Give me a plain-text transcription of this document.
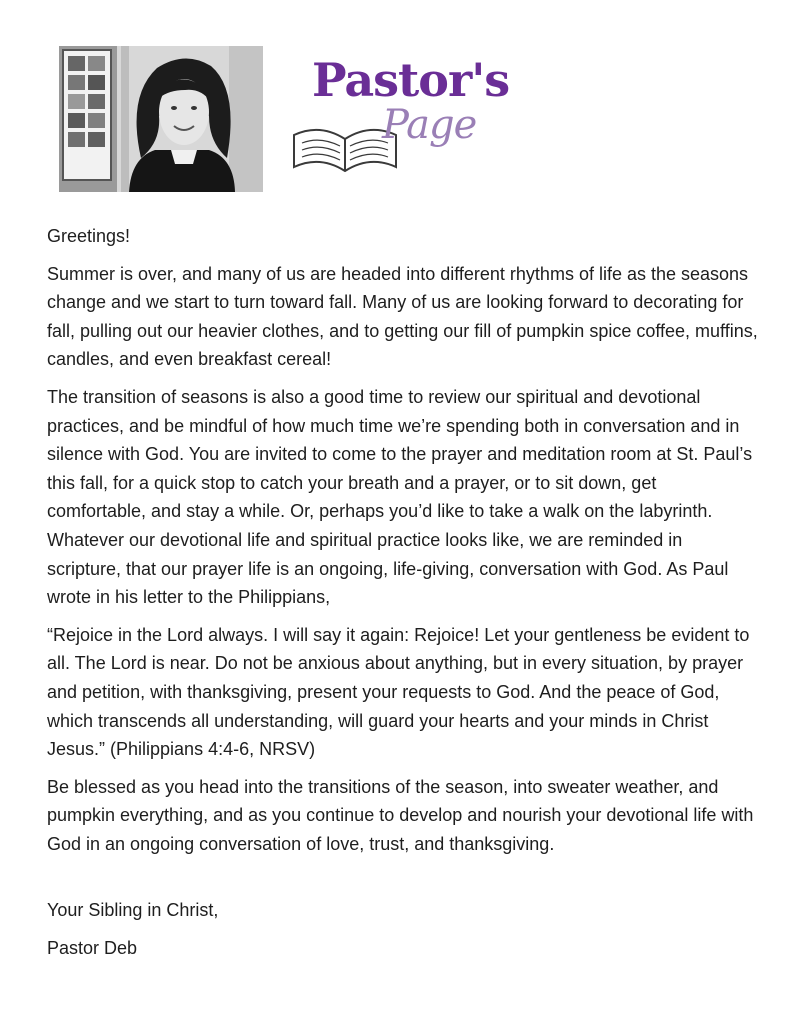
Pastor's
Page

Greetings!

Summer is over, and many of us are headed into different rhythms of life as the seasons change and we start to turn toward fall. Many of us are looking forward to decorating for fall, pulling out our heavier clothes, and to getting our fill of pumpkin spice coffee, muffins, candles, and even breakfast cereal!

The transition of seasons is also a good time to review our spiritual and devotional practices, and be mindful of how much time we’re spending both in conversation and in silence with God. You are invited to come to the prayer and meditation room at St. Paul’s this fall, for a quick stop to catch your breath and a prayer, or to sit down, get comfortable, and stay a while. Or, perhaps you’d like to take a walk on the labyrinth. Whatever our devotional life and spiritual practice looks like, we are reminded in scripture, that our prayer life is an ongoing, life-giving, conversation with God. As Paul wrote in his letter to the Philippians,

“Rejoice in the Lord always. I will say it again: Rejoice! Let your gentleness be evident to all. The Lord is near. Do not be anxious about anything, but in every situation, by prayer and petition, with thanksgiving, present your requests to God. And the peace of God, which transcends all understanding, will guard your hearts and your minds in Christ Jesus.” (Philippians 4:4-6, NRSV)

Be blessed as you head into the transitions of the season, into sweater weather, and pumpkin everything, and as you continue to develop and nourish your devotional life with God in an ongoing conversation of love, trust, and thanksgiving.

Your Sibling in Christ,

Pastor Deb
